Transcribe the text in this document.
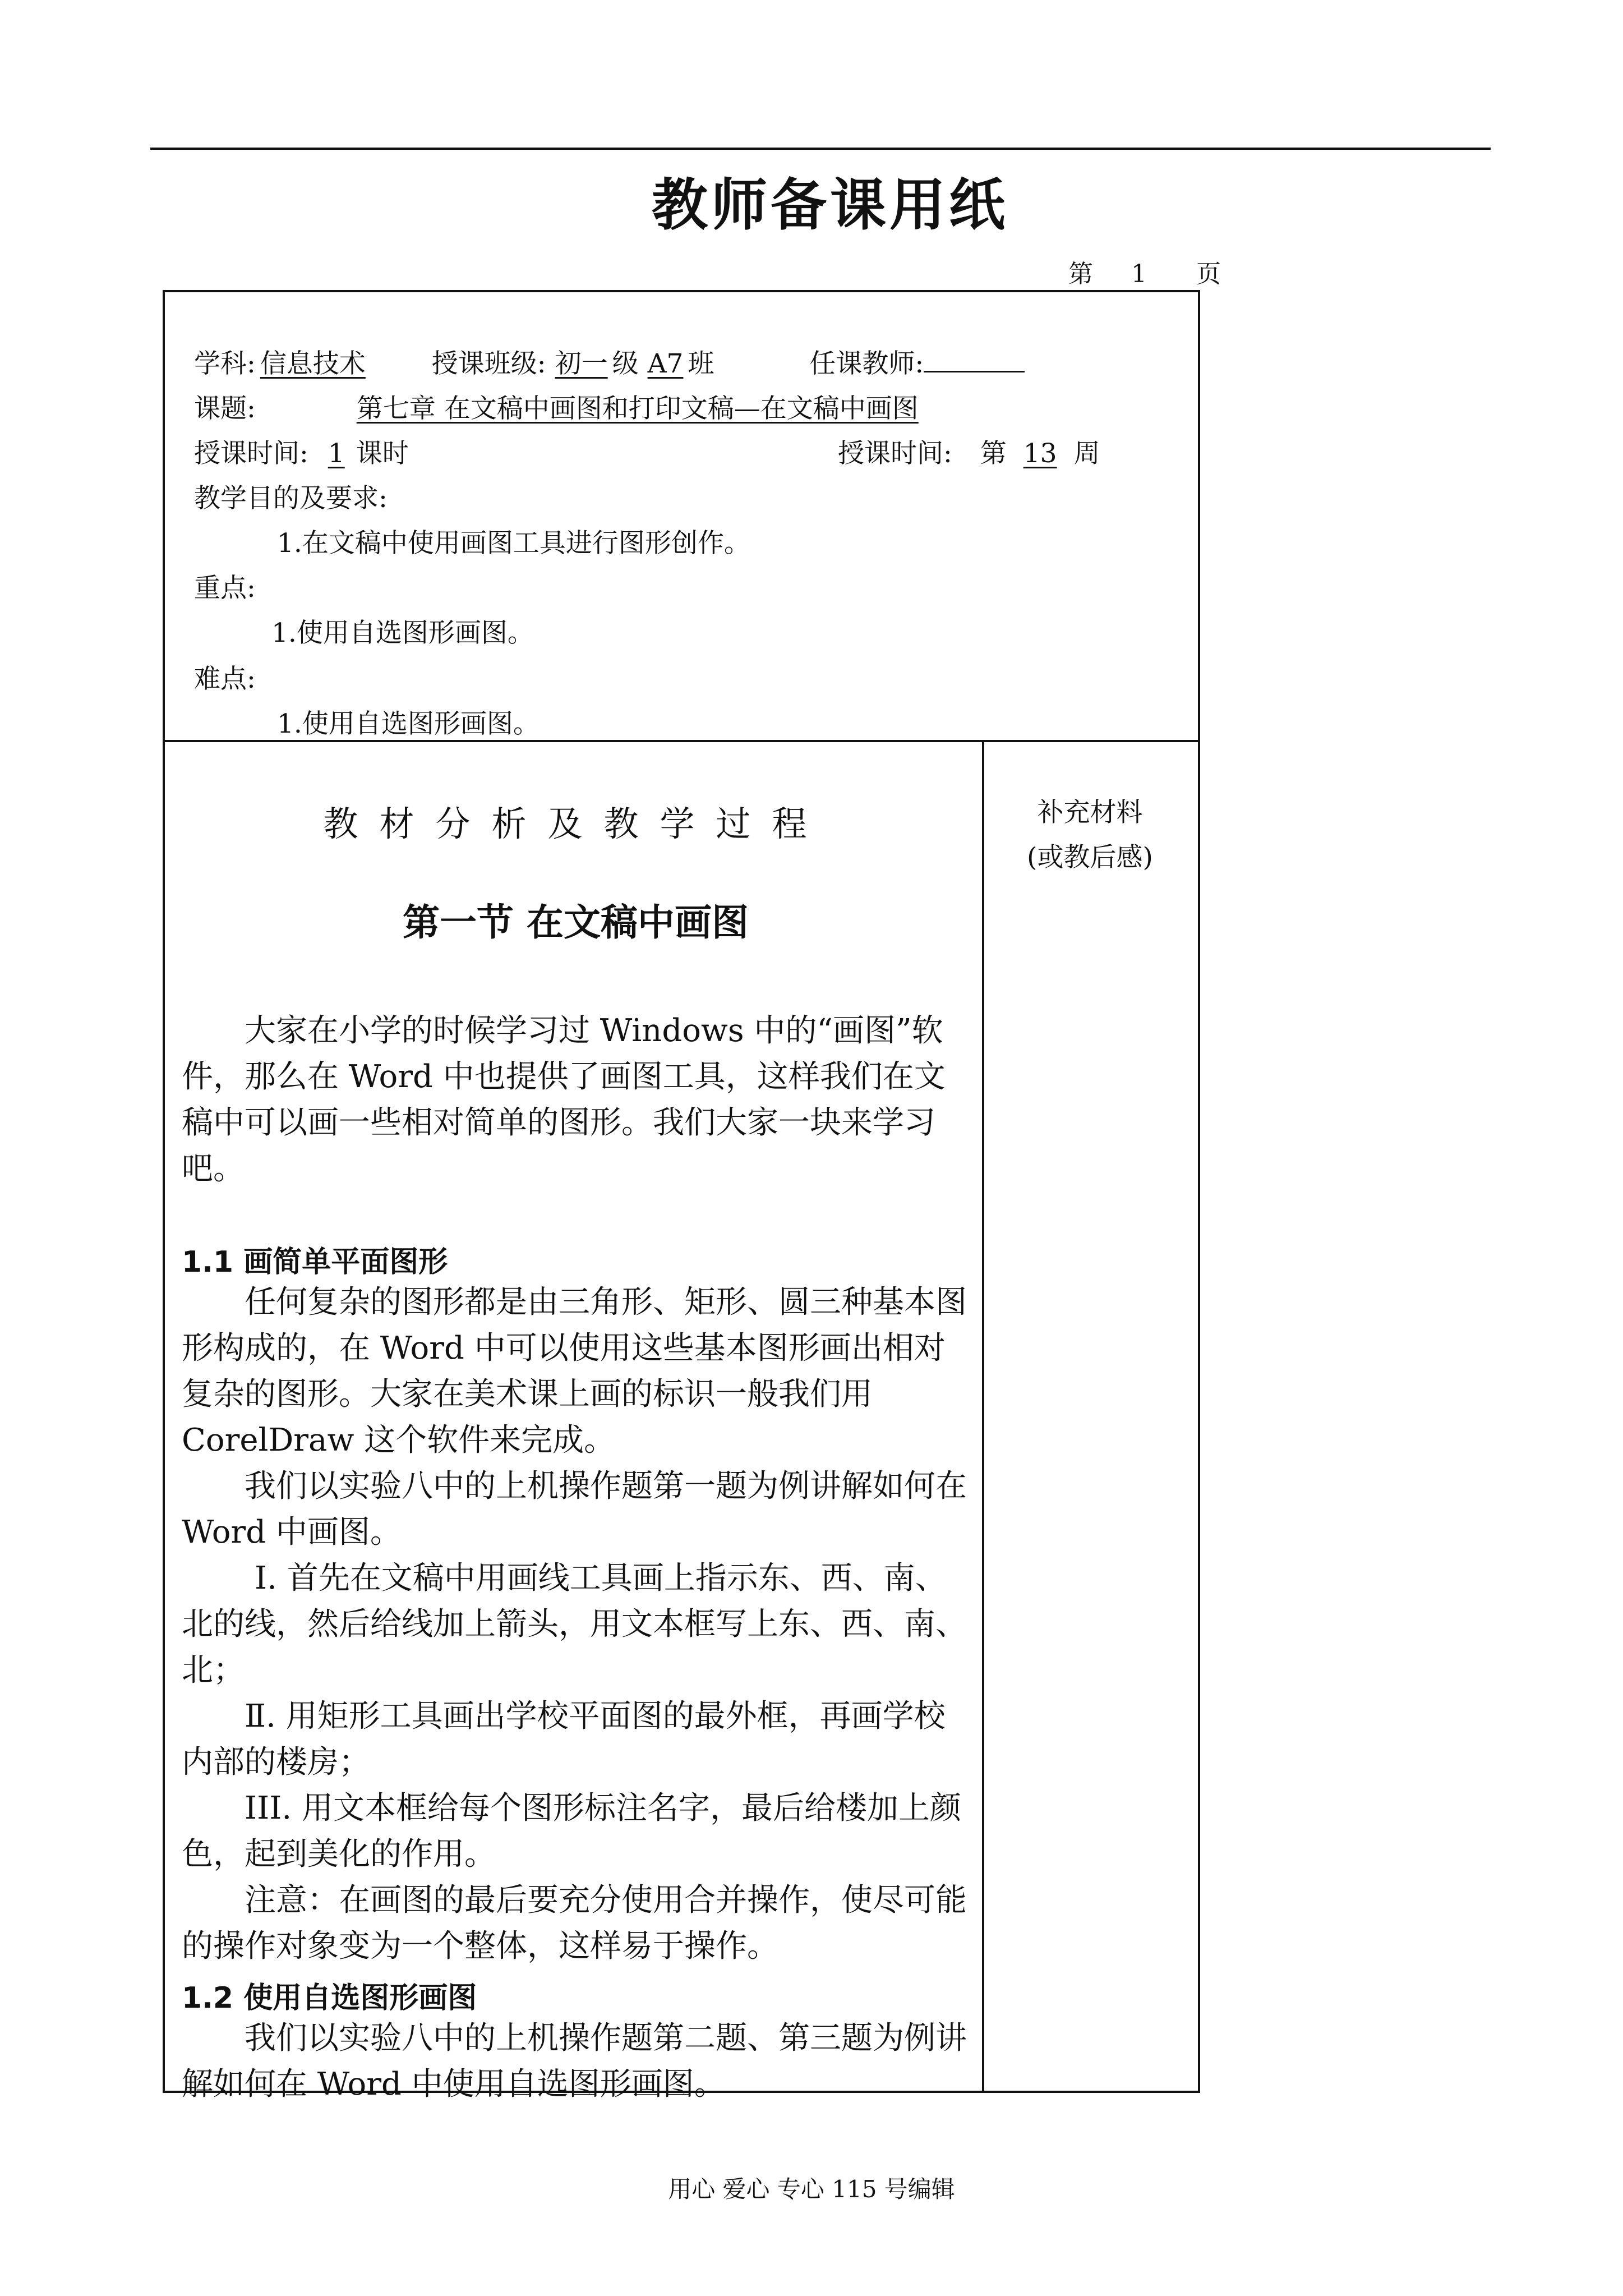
教师备课用纸
第 1 页
学科: 信息技术	授课班级: 初一 级 A7 班	任课教师:
课题:	第七章 在文稿中画图和打印文稿—在文稿中画图
授课时间: 1 课时	授课时间: 第 13 周
教学目的及要求:
1.在文稿中使用画图工具进行图形创作。
重点:
1.使用自选图形画图。
难点:
1.使用自选图形画图。
教材分析及教学过程
第一节 在文稿中画图
大家在小学的时候学习过 Windows 中的“画图”软件，那么在 Word 中也提供了画图工具，这样我们在文稿中可以画一些相对简单的图形。我们大家一块来学习吧。
1.1 画简单平面图形
任何复杂的图形都是由三角形、矩形、圆三种基本图形构成的，在 Word 中可以使用这些基本图形画出相对复杂的图形。大家在美术课上画的标识一般我们用 CorelDraw 这个软件来完成。
我们以实验八中的上机操作题第一题为例讲解如何在 Word 中画图。
Ⅰ. 首先在文稿中用画线工具画上指示东、西、南、北的线，然后给线加上箭头，用文本框写上东、西、南、北；
Ⅱ. 用矩形工具画出学校平面图的最外框，再画学校内部的楼房；
III. 用文本框给每个图形标注名字，最后给楼加上颜色，起到美化的作用。
注意：在画图的最后要充分使用合并操作，使尽可能的操作对象变为一个整体，这样易于操作。
1.2 使用自选图形画图
我们以实验八中的上机操作题第二题、第三题为例讲解如何在 Word 中使用自选图形画图。
补充材料
(或教后感)
用心 爱心 专心 115 号编辑
